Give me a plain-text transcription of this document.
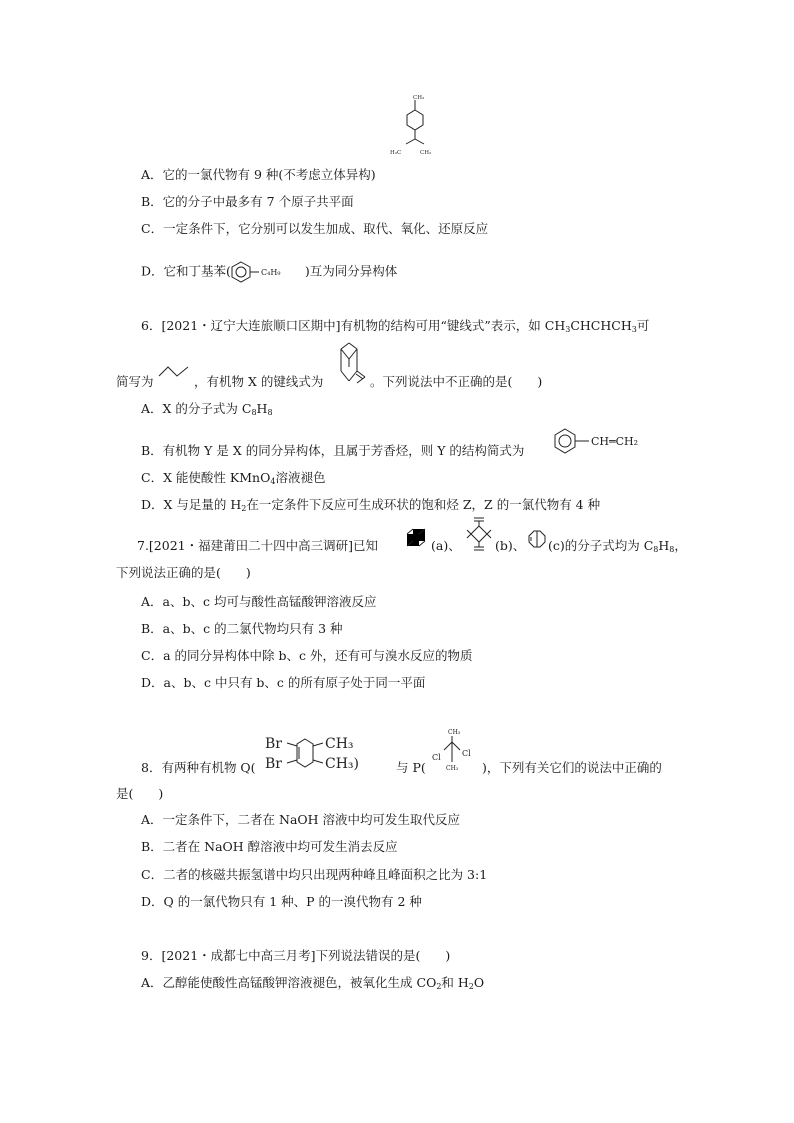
CH₃
H₃C	CH₂
A．它的一氯代物有 9 种(不考虑立体异构)
B．它的分子中最多有 7 个原子共平面
C．一定条件下，它分别可以发生加成、取代、氧化、还原反应
D．它和丁基苯(	C₄H₉ )互为同分异构体
6．[2021・辽宁大连旅顺口区期中]有机物的结构可用“键线式”表示，如 $CH_3CHCHCH_3$可
简写为	，有机物 X 的键线式为	。下列说法中不正确的是(　　)
A．X 的分子式为 $C_8H_8$
B．有机物 Y 是 X 的同分异构体，且属于芳香烃，则 Y 的结构简式为
CH═CH₂
C．X 能使酸性 KMnO$_4$溶液褪色
D．X 与足量的 $H_2$在一定条件下反应可生成环状的饱和烃 Z，Z 的一氯代物有 4 种
7.[2021・福建莆田二十四中高三调研]已知	(a)、	(b)、 (c)的分子式均为 $C_8H_8$，
下列说法正确的是(　　)
A．a、b、c 均可与酸性高锰酸钾溶液反应
B．a、b、c 的二氯代物均只有 3 种
C．a 的同分异构体中除 b、c 外，还有可与溴水反应的物质
D．a、b、c 中只有 b、c 的所有原子处于同一平面
Br
Br
CH₃
CH₃)
8．有两种有机物 Q(	与 P(
CH₃
Cl	Cl
CH₃ )，下列有关它们的说法中正确的
是(　　)
A．一定条件下，二者在 NaOH 溶液中均可发生取代反应
B．二者在 NaOH 醇溶液中均可发生消去反应
C．二者的核磁共振氢谱中均只出现两种峰且峰面积之比为 3:1
D．Q 的一氯代物只有 1 种、P 的一溴代物有 2 种
9．[2021・成都七中高三月考]下列说法错误的是(　　)
A．乙醇能使酸性高锰酸钾溶液褪色，被氧化生成 $CO_2$和 $H_2O$
